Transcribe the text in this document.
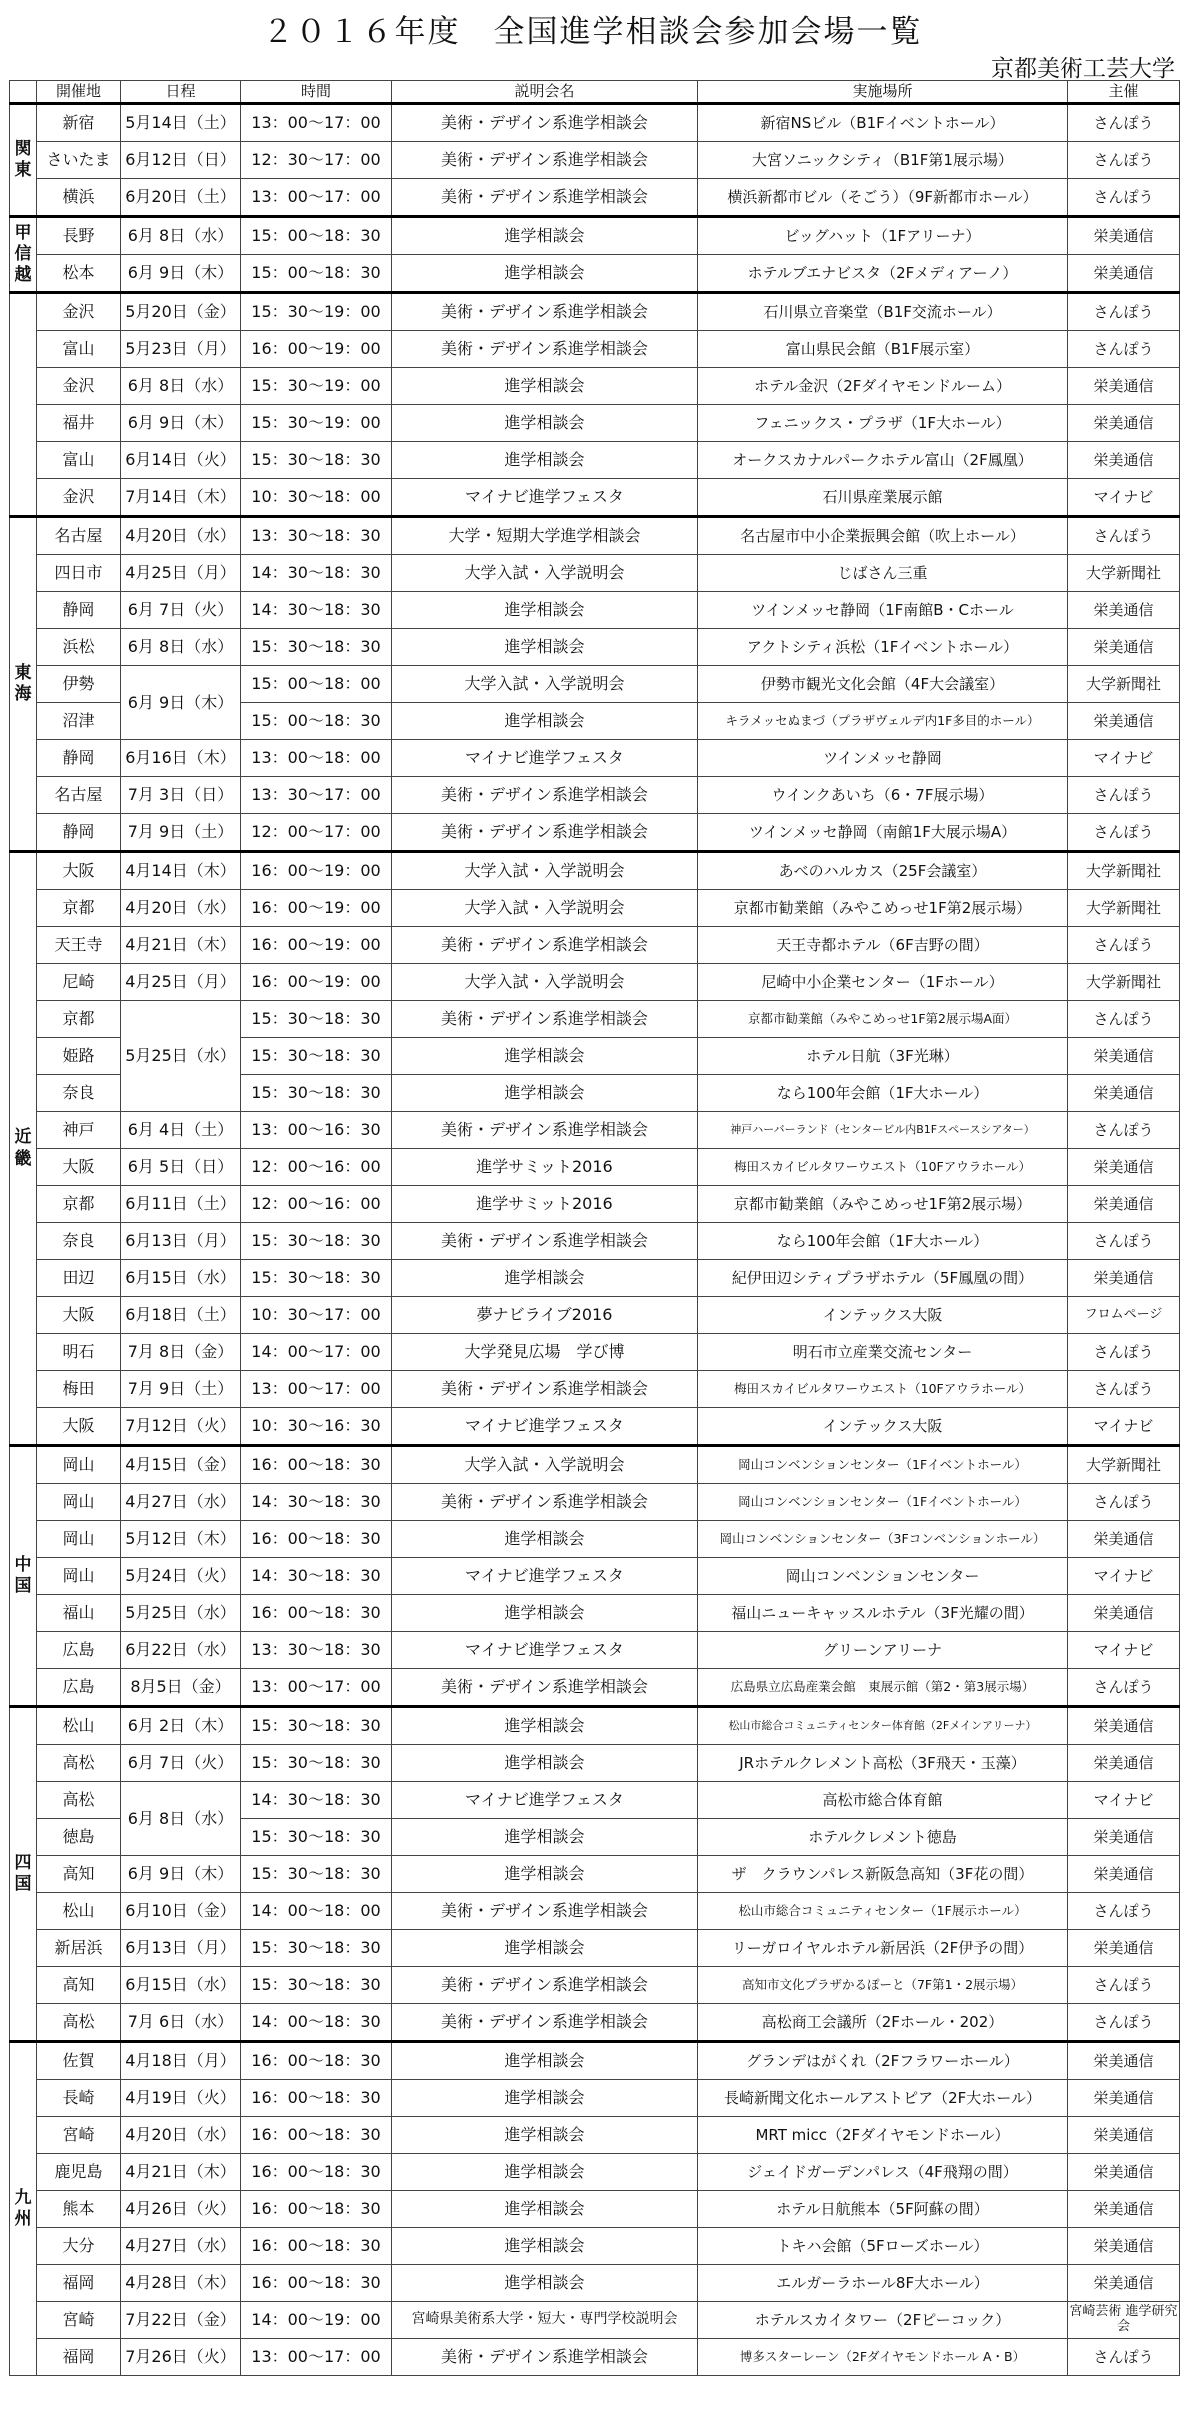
２０１６年度　全国進学相談会参加会場一覧
京都美術工芸大学
	開催地	日程	時間	説明会名	実施場所	主催

関
東	新宿	5月14日（土）	13：00～17：00	美術・デザイン系進学相談会	新宿NSビル（B1Fイベントホール）	さんぽう
	さいたま	6月12日（日）	12：30～17：00	美術・デザイン系進学相談会	大宮ソニックシティ（B1F第1展示場）	さんぽう
	横浜	6月20日（土）	13：00～17：00	美術・デザイン系進学相談会	横浜新都市ビル（そごう）（9F新都市ホール）	さんぽう

甲
信
越	長野	6月 8日（水）	15：00～18：30	進学相談会	ビッグハット（1Fアリーナ）	栄美通信
	松本	6月 9日（木）	15：00～18：30	進学相談会	ホテルブエナビスタ（2Fメディアーノ）	栄美通信
	金沢	5月20日（金）	15：30～19：00	美術・デザイン系進学相談会	石川県立音楽堂（B1F交流ホール）	さんぽう
	富山	5月23日（月）	16：00～19：00	美術・デザイン系進学相談会	富山県民会館（B1F展示室）	さんぽう
	金沢	6月 8日（水）	15：30～19：00	進学相談会	ホテル金沢（2Fダイヤモンドルーム）	栄美通信
	福井	6月 9日（木）	15：30～19：00	進学相談会	フェニックス・プラザ（1F大ホール）	栄美通信
	富山	6月14日（火）	15：30～18：30	進学相談会	オークスカナルパークホテル富山（2F鳳凰）	栄美通信
	金沢	7月14日（木）	10：30～18：00	マイナビ進学フェスタ	石川県産業展示館	マイナビ

東
海	名古屋	4月20日（水）	13：30～18：30	大学・短期大学進学相談会	名古屋市中小企業振興会館（吹上ホール）	さんぽう
	四日市	4月25日（月）	14：30～18：30	大学入試・入学説明会	じばさん三重	大学新聞社
	静岡	6月 7日（火）	14：30～18：30	進学相談会	ツインメッセ静岡（1F南館B・Cホール	栄美通信
	浜松	6月 8日（水）	15：30～18：30	進学相談会	アクトシティ浜松（1Fイベントホール）	栄美通信
	伊勢	6月 9日（木）	15：00～18：00	大学入試・入学説明会	伊勢市観光文化会館（4F大会議室）	大学新聞社
	沼津		15：00～18：30	進学相談会	キラメッセぬまづ（プラザヴェルデ内1F多目的ホール）	栄美通信
	静岡	6月16日（木）	13：00～18：00	マイナビ進学フェスタ	ツインメッセ静岡	マイナビ
	名古屋	7月 3日（日）	13：30～17：00	美術・デザイン系進学相談会	ウインクあいち（6・7F展示場）	さんぽう
	静岡	7月 9日（土）	12：00～17：00	美術・デザイン系進学相談会	ツインメッセ静岡（南館1F大展示場A）	さんぽう

近
畿	大阪	4月14日（木）	16：00～19：00	大学入試・入学説明会	あべのハルカス（25F会議室）	大学新聞社
	京都	4月20日（水）	16：00～19：00	大学入試・入学説明会	京都市勧業館（みやこめっせ1F第2展示場）	大学新聞社
	天王寺	4月21日（木）	16：00～19：00	美術・デザイン系進学相談会	天王寺都ホテル（6F吉野の間）	さんぽう
	尼崎	4月25日（月）	16：00～19：00	大学入試・入学説明会	尼崎中小企業センター（1Fホール）	大学新聞社
	京都	5月25日（水）	15：30～18：30	美術・デザイン系進学相談会	京都市勧業館（みやこめっせ1F第2展示場A面）	さんぽう
	姫路		15：30～18：30	進学相談会	ホテル日航（3F光琳）	栄美通信
	奈良		15：30～18：30	進学相談会	なら100年会館（1F大ホール）	栄美通信
	神戸	6月 4日（土）	13：00～16：30	美術・デザイン系進学相談会	神戸ハーバーランド（センタービル内B1Fスペースシアター）	さんぽう
	大阪	6月 5日（日）	12：00～16：00	進学サミット2016	梅田スカイビルタワーウエスト（10Fアウラホール）	栄美通信
	京都	6月11日（土）	12：00～16：00	進学サミット2016	京都市勧業館（みやこめっせ1F第2展示場）	栄美通信
	奈良	6月13日（月）	15：30～18：30	美術・デザイン系進学相談会	なら100年会館（1F大ホール）	さんぽう
	田辺	6月15日（水）	15：30～18：30	進学相談会	紀伊田辺シティプラザホテル（5F鳳凰の間）	栄美通信
	大阪	6月18日（土）	10：30～17：00	夢ナビライブ2016	インテックス大阪	フロムページ
	明石	7月 8日（金）	14：00～17：00	大学発見広場　学び博	明石市立産業交流センター	さんぽう
	梅田	7月 9日（土）	13：00～17：00	美術・デザイン系進学相談会	梅田スカイビルタワーウエスト（10Fアウラホール）	さんぽう
	大阪	7月12日（火）	10：30～16：30	マイナビ進学フェスタ	インテックス大阪	マイナビ

中
国	岡山	4月15日（金）	16：00～18：30	大学入試・入学説明会	岡山コンベンションセンター（1Fイベントホール）	大学新聞社
	岡山	4月27日（水）	14：30～18：30	美術・デザイン系進学相談会	岡山コンベンションセンター（1Fイベントホール）	さんぽう
	岡山	5月12日（木）	16：00～18：30	進学相談会	岡山コンベンションセンター（3Fコンベンションホール）	栄美通信
	岡山	5月24日（火）	14：30～18：30	マイナビ進学フェスタ	岡山コンベンションセンター	マイナビ
	福山	5月25日（水）	16：00～18：30	進学相談会	福山ニューキャッスルホテル（3F光耀の間）	栄美通信
	広島	6月22日（水）	13：30～18：30	マイナビ進学フェスタ	グリーンアリーナ	マイナビ
	広島	8月5日（金）	13：00～17：00	美術・デザイン系進学相談会	広島県立広島産業会館　東展示館（第2・第3展示場）	さんぽう

四
国	松山	6月 2日（木）	15：30～18：30	進学相談会	松山市総合コミュニティセンター体育館（2Fメインアリーナ）	栄美通信
	高松	6月 7日（火）	15：30～18：30	進学相談会	JRホテルクレメント高松（3F飛天・玉藻）	栄美通信
	高松	6月 8日（水）	14：30～18：30	マイナビ進学フェスタ	高松市総合体育館	マイナビ
	徳島		15：30～18：30	進学相談会	ホテルクレメント徳島	栄美通信
	高知	6月 9日（木）	15：30～18：30	進学相談会	ザ　クラウンパレス新阪急高知（3F花の間）	栄美通信
	松山	6月10日（金）	14：00～18：00	美術・デザイン系進学相談会	松山市総合コミュニティセンター（1F展示ホール）	さんぽう
	新居浜	6月13日（月）	15：30～18：30	進学相談会	リーガロイヤルホテル新居浜（2F伊予の間）	栄美通信
	高知	6月15日（水）	15：30～18：30	美術・デザイン系進学相談会	高知市文化プラザかるぽーと（7F第1・2展示場）	さんぽう
	高松	7月 6日（水）	14：00～18：30	美術・デザイン系進学相談会	高松商工会議所（2Fホール・202）	さんぽう

九
州	佐賀	4月18日（月）	16：00～18：30	進学相談会	グランデはがくれ（2Fフラワーホール）	栄美通信
	長崎	4月19日（火）	16：00～18：30	進学相談会	長崎新聞文化ホールアストピア（2F大ホール）	栄美通信
	宮崎	4月20日（水）	16：00～18：30	進学相談会	MRT micc（2Fダイヤモンドホール）	栄美通信
	鹿児島	4月21日（木）	16：00～18：30	進学相談会	ジェイドガーデンパレス（4F飛翔の間）	栄美通信
	熊本	4月26日（火）	16：00～18：30	進学相談会	ホテル日航熊本（5F阿蘇の間）	栄美通信
	大分	4月27日（水）	16：00～18：30	進学相談会	トキハ会館（5Fローズホール）	栄美通信
	福岡	4月28日（木）	16：00～18：30	進学相談会	エルガーラホール8F大ホール）	栄美通信
	宮崎	7月22日（金）	14：00～19：00	宮崎県美術系大学・短大・専門学校説明会	ホテルスカイタワー（2Fピーコック）	宮崎芸術 進学研究会
	福岡	7月26日（火）	13：00～17：00	美術・デザイン系進学相談会	博多スターレーン（2Fダイヤモンドホール A・B）	さんぽう
